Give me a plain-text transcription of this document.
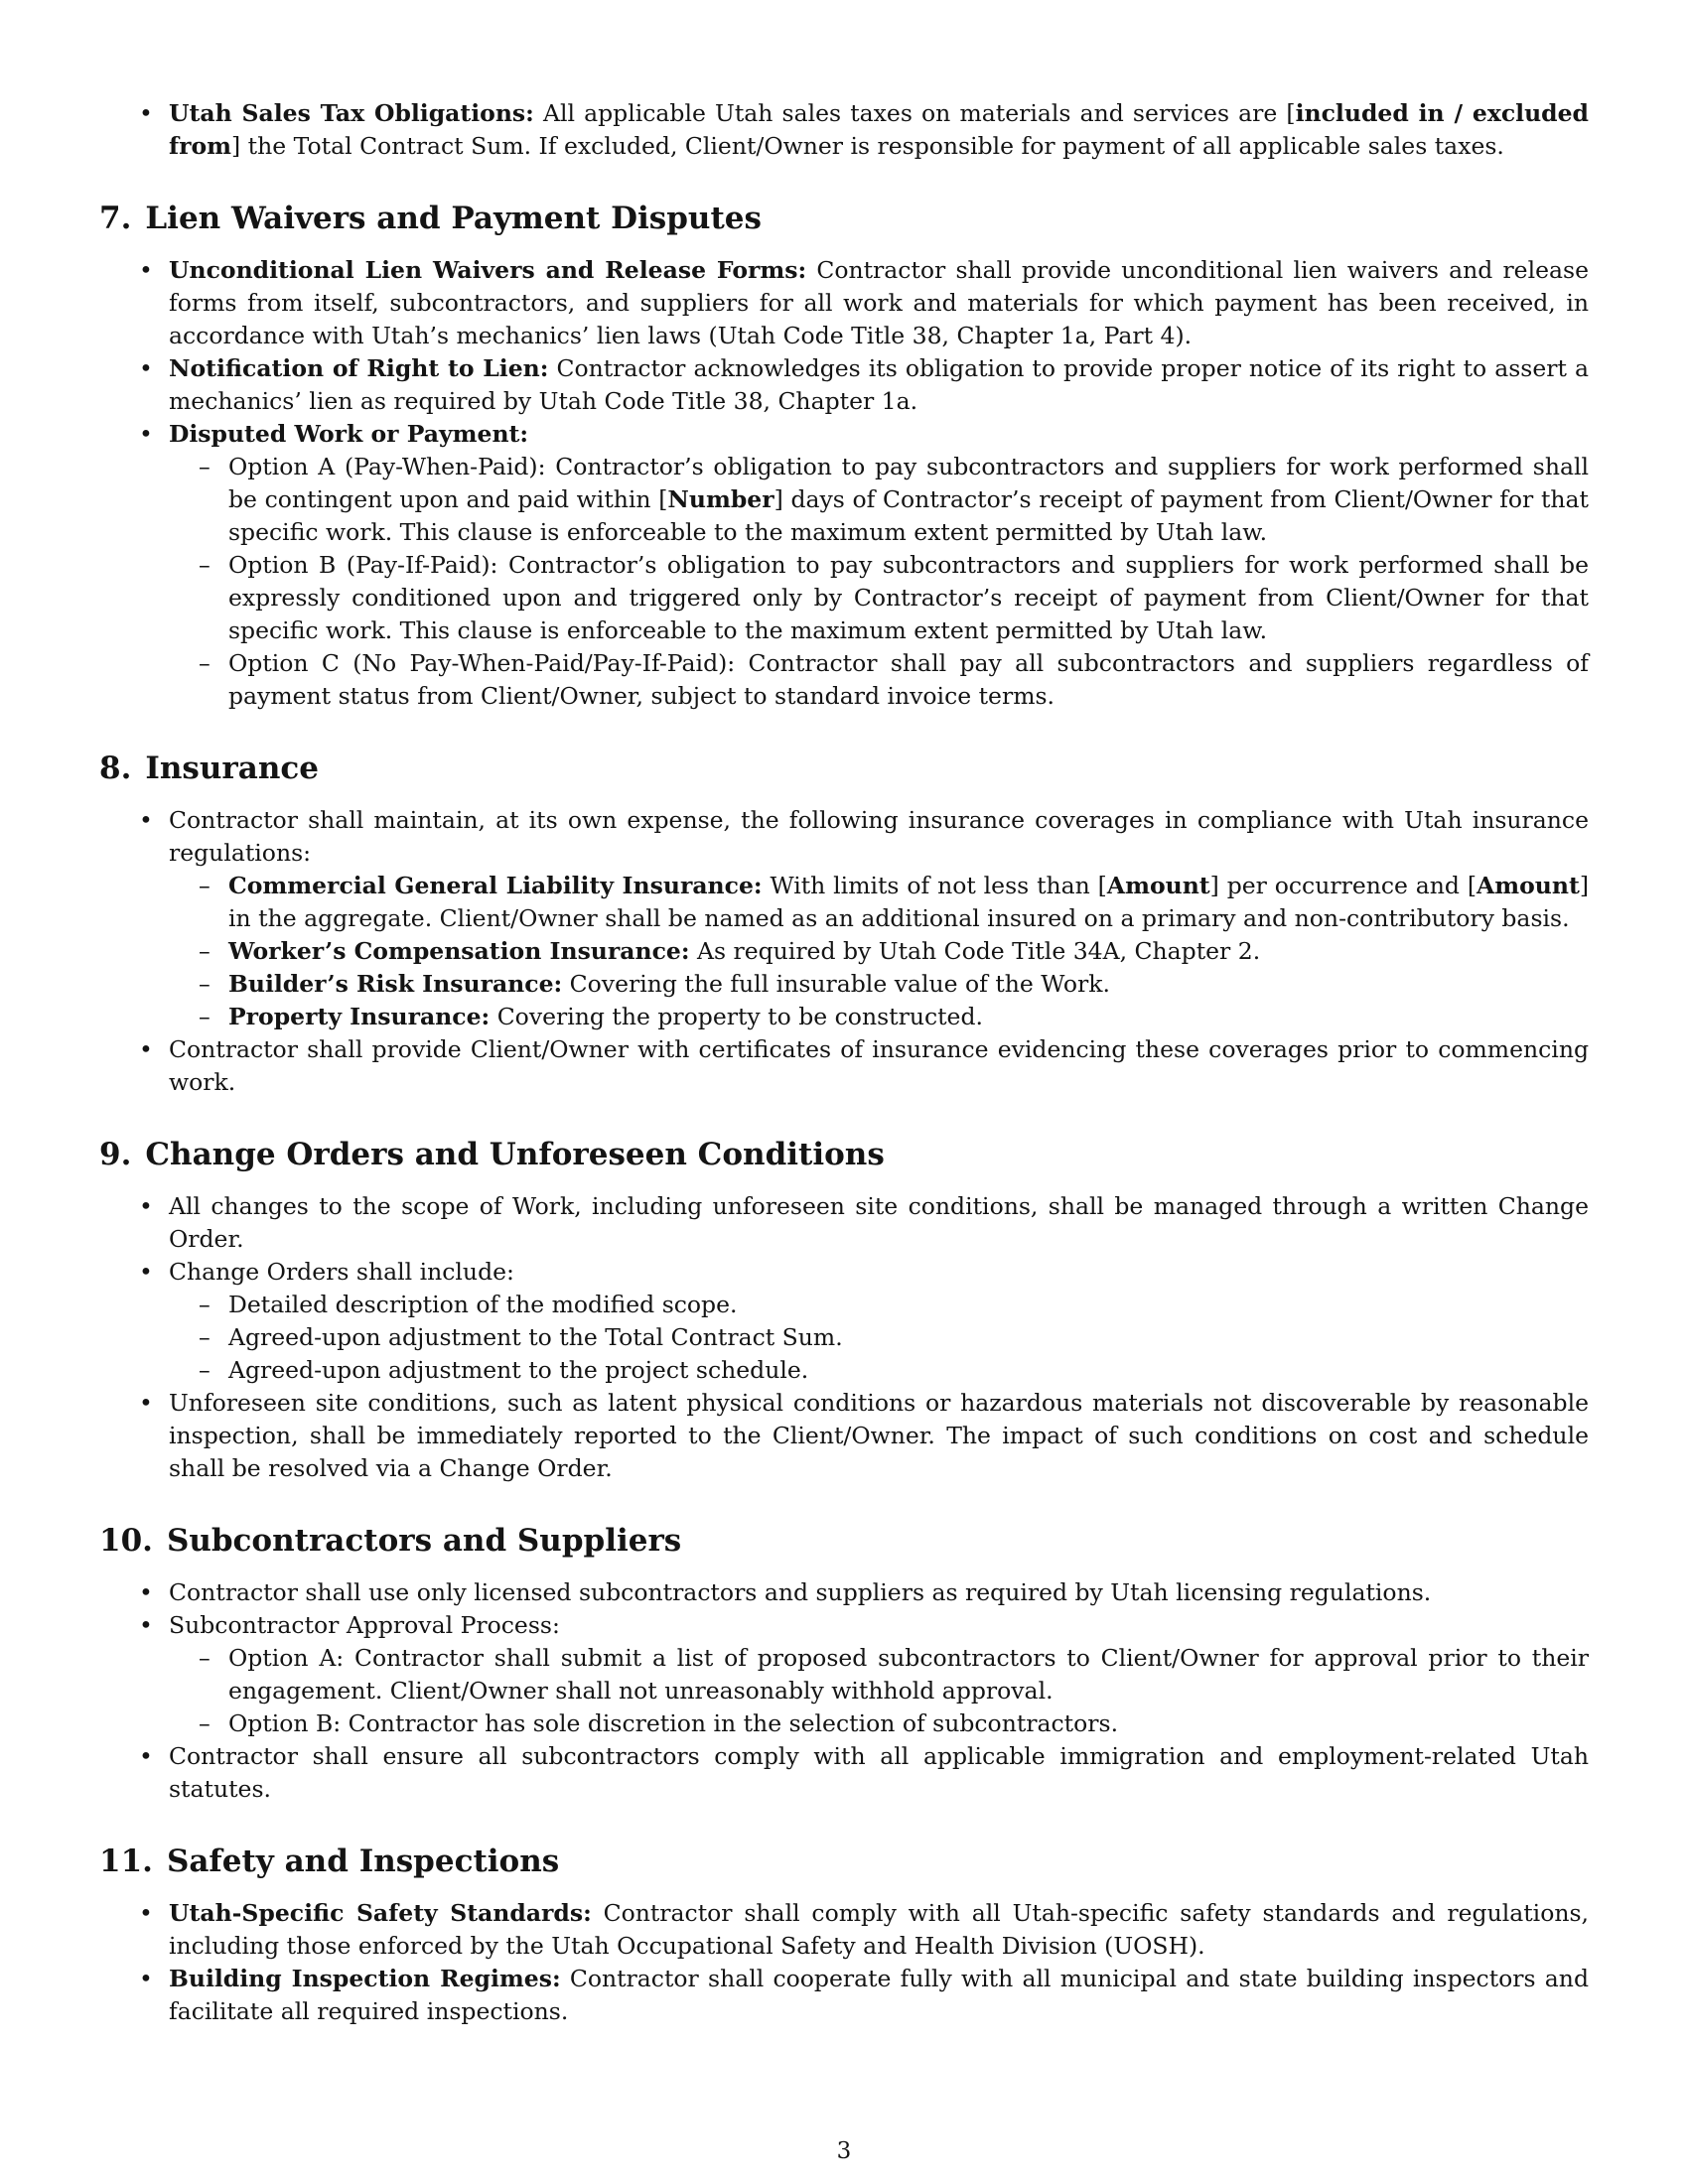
• Utah Sales Tax Obligations: All applicable Utah sales taxes on materials and services are [included in / excluded from] the Total Contract Sum. If excluded, Client/Owner is responsible for payment of all applicable sales taxes.
7. Lien Waivers and Payment Disputes
• Unconditional Lien Waivers and Release Forms: Contractor shall provide unconditional lien waivers and release forms from itself, subcontractors, and suppliers for all work and materials for which payment has been received, in accordance with Utah’s mechanics’ lien laws (Utah Code Title 38, Chapter 1a, Part 4).
• Notification of Right to Lien: Contractor acknowledges its obligation to provide proper notice of its right to assert a mechanics’ lien as required by Utah Code Title 38, Chapter 1a.
• Disputed Work or Payment:
– Option A (Pay-When-Paid): Contractor’s obligation to pay subcontractors and suppliers for work performed shall be contingent upon and paid within [Number] days of Contractor’s receipt of payment from Client/Owner for that specific work. This clause is enforceable to the maximum extent permitted by Utah law.
– Option B (Pay-If-Paid): Contractor’s obligation to pay subcontractors and suppliers for work performed shall be expressly conditioned upon and triggered only by Contractor’s receipt of payment from Client/Owner for that specific work. This clause is enforceable to the maximum extent permitted by Utah law.
– Option C (No Pay-When-Paid/Pay-If-Paid): Contractor shall pay all subcontractors and suppliers regardless of payment status from Client/Owner, subject to standard invoice terms.
8. Insurance
• Contractor shall maintain, at its own expense, the following insurance coverages in compliance with Utah insurance regulations:
– Commercial General Liability Insurance: With limits of not less than [Amount] per occurrence and [Amount] in the aggregate. Client/Owner shall be named as an additional insured on a primary and non-contributory basis.
– Worker’s Compensation Insurance: As required by Utah Code Title 34A, Chapter 2.
– Builder’s Risk Insurance: Covering the full insurable value of the Work.
– Property Insurance: Covering the property to be constructed.
• Contractor shall provide Client/Owner with certificates of insurance evidencing these coverages prior to commencing work.
9. Change Orders and Unforeseen Conditions
• All changes to the scope of Work, including unforeseen site conditions, shall be managed through a written Change Order.
• Change Orders shall include:
– Detailed description of the modified scope.
– Agreed-upon adjustment to the Total Contract Sum.
– Agreed-upon adjustment to the project schedule.
• Unforeseen site conditions, such as latent physical conditions or hazardous materials not discoverable by reasonable inspection, shall be immediately reported to the Client/Owner. The impact of such conditions on cost and schedule shall be resolved via a Change Order.
10. Subcontractors and Suppliers
• Contractor shall use only licensed subcontractors and suppliers as required by Utah licensing regulations.
• Subcontractor Approval Process:
– Option A: Contractor shall submit a list of proposed subcontractors to Client/Owner for approval prior to their engagement. Client/Owner shall not unreasonably withhold approval.
– Option B: Contractor has sole discretion in the selection of subcontractors.
• Contractor shall ensure all subcontractors comply with all applicable immigration and employment-related Utah statutes.
11. Safety and Inspections
• Utah-Specific Safety Standards: Contractor shall comply with all Utah-specific safety standards and regulations, including those enforced by the Utah Occupational Safety and Health Division (UOSH).
• Building Inspection Regimes: Contractor shall cooperate fully with all municipal and state building inspectors and facilitate all required inspections.
3
